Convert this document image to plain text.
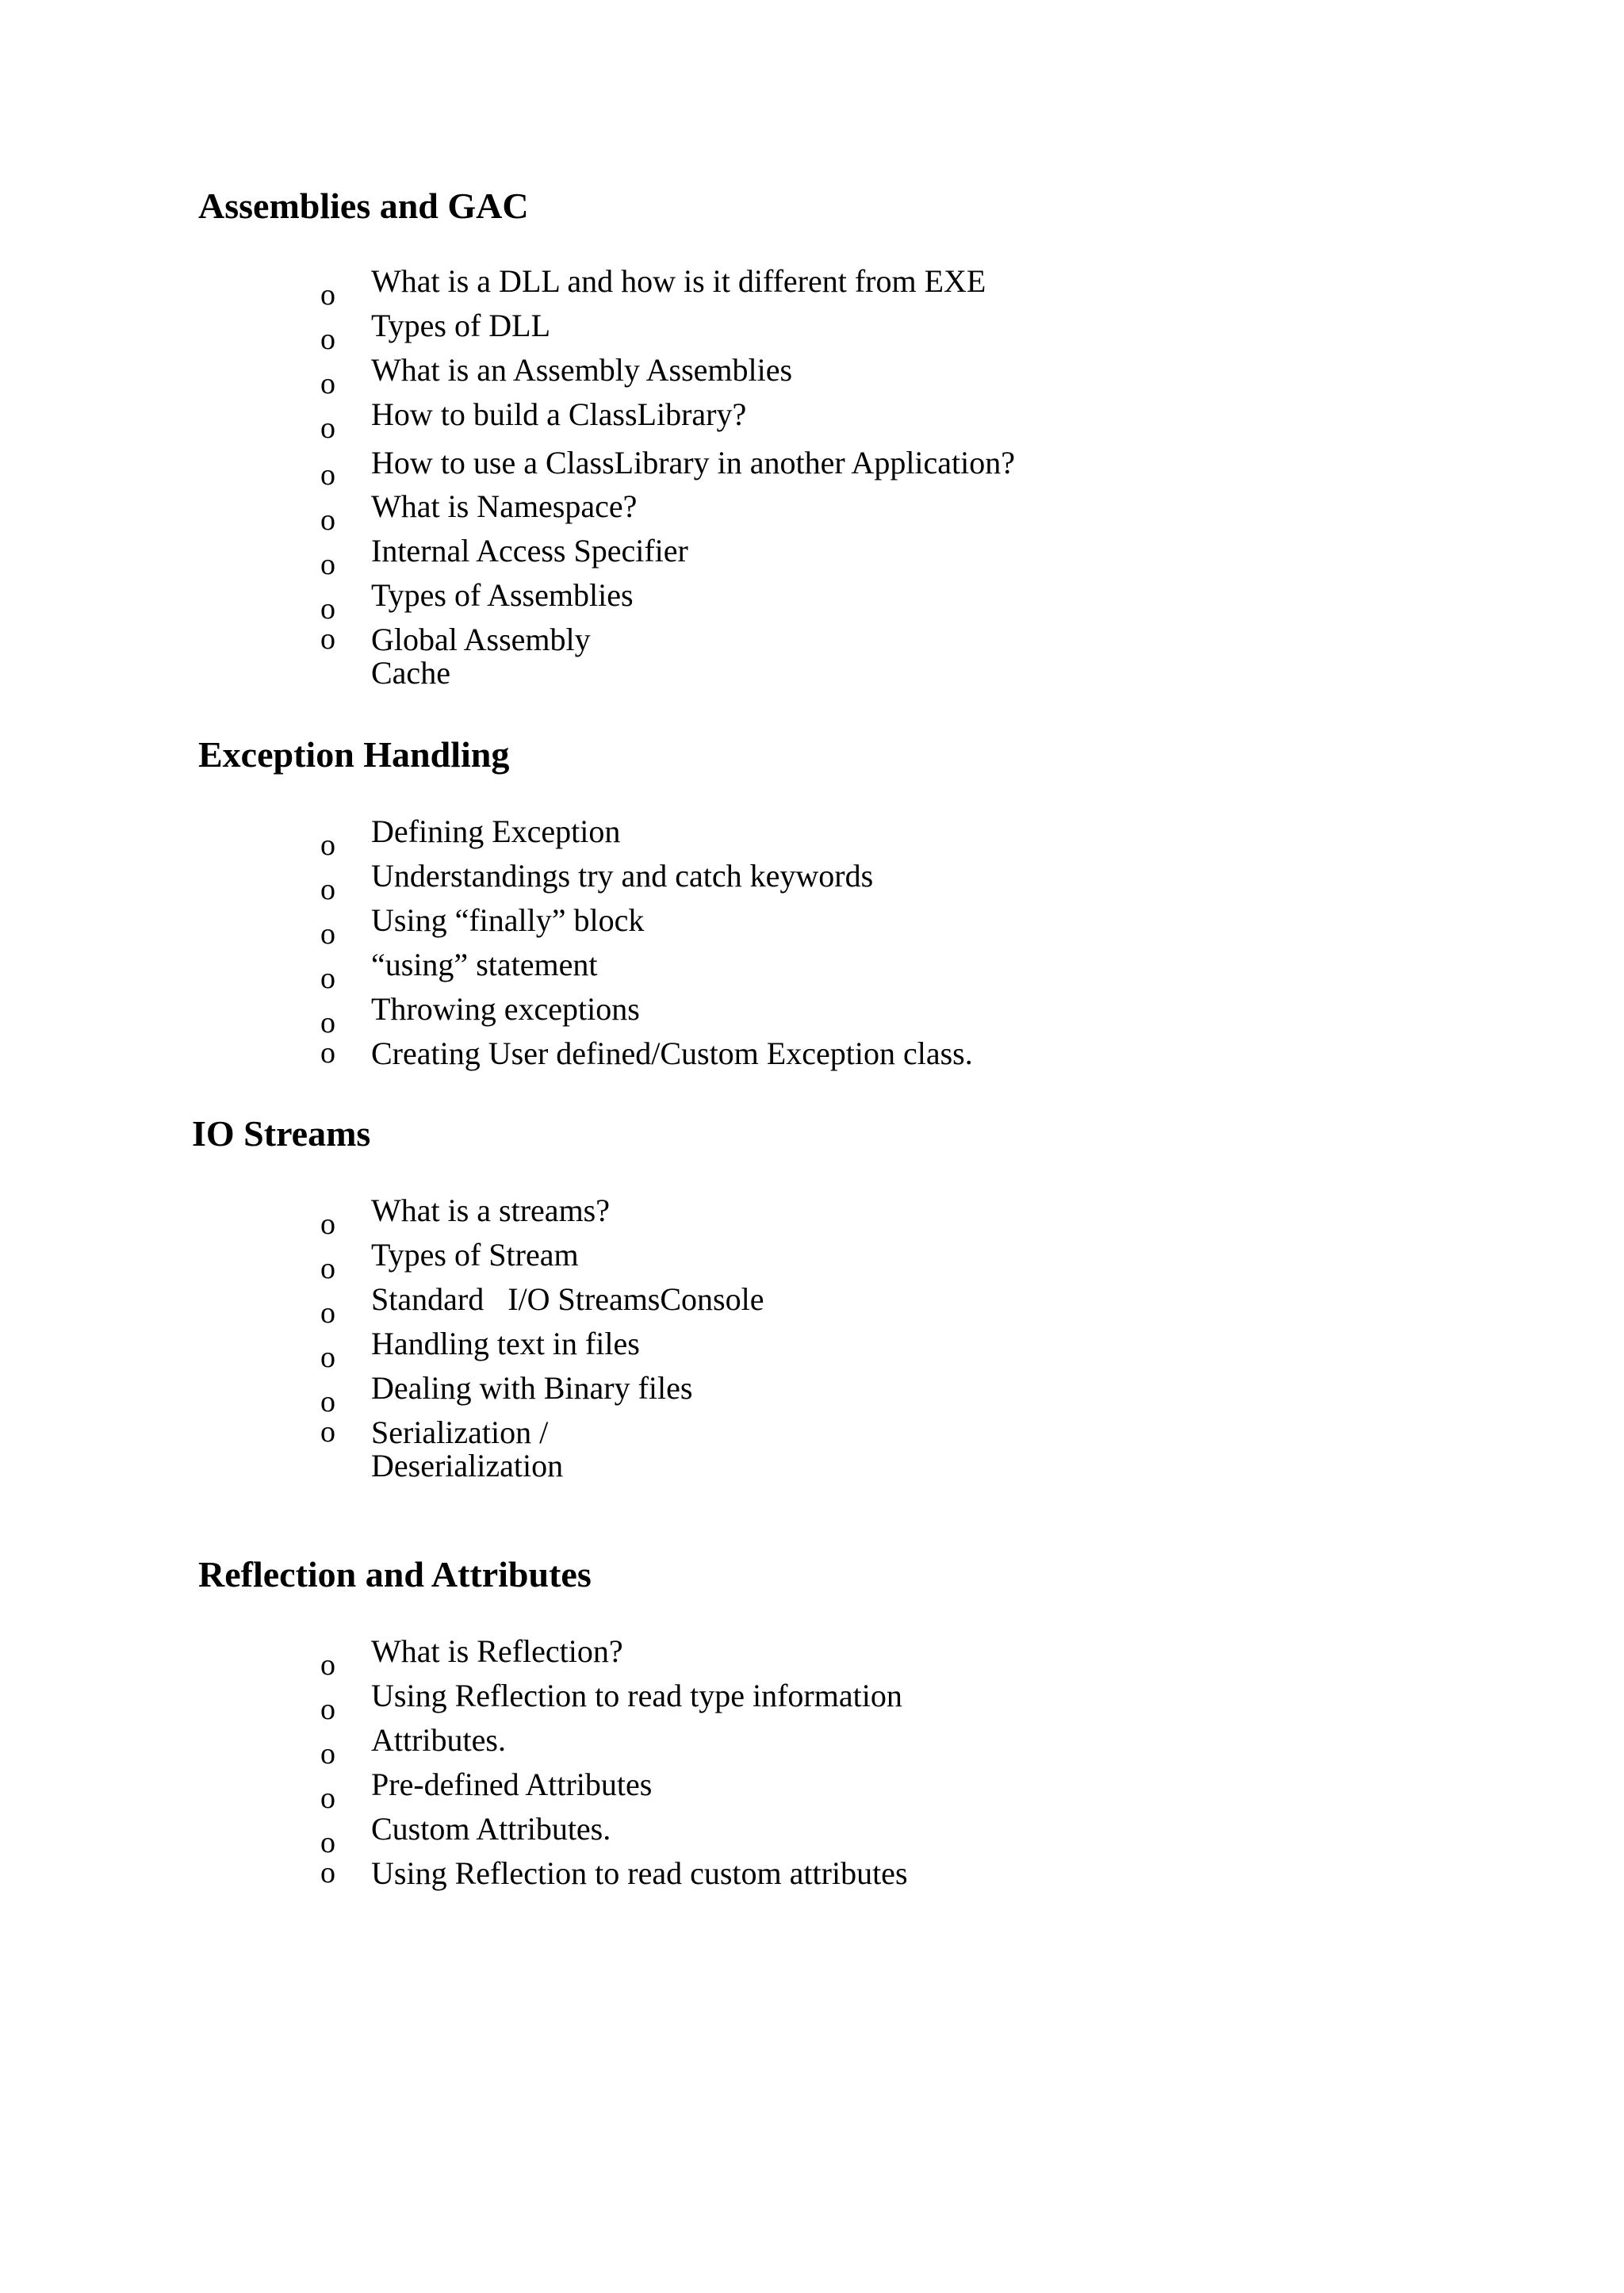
Assemblies and GAC
o What is a DLL and how is it different from EXE
o Types of DLL
o What is an Assembly Assemblies
o How to build a ClassLibrary?
o How to use a ClassLibrary in another Application?
o What is Namespace?
o Internal Access Specifier
o Types of Assemblies
o Global Assembly Cache
Exception Handling
o Defining Exception
o Understandings try and catch keywords
o Using “finally” block
o “using” statement
o Throwing exceptions
o Creating User defined/Custom Exception class.
IO Streams
o What is a streams?
o Types of Stream
o Standard   I/O StreamsConsole
o Handling text in files
o Dealing with Binary files
o Serialization / Deserialization
Reflection and Attributes
o What is Reflection?
o Using Reflection to read type information
o Attributes.
o Pre-defined Attributes
o Custom Attributes.
o Using Reflection to read custom attributes
